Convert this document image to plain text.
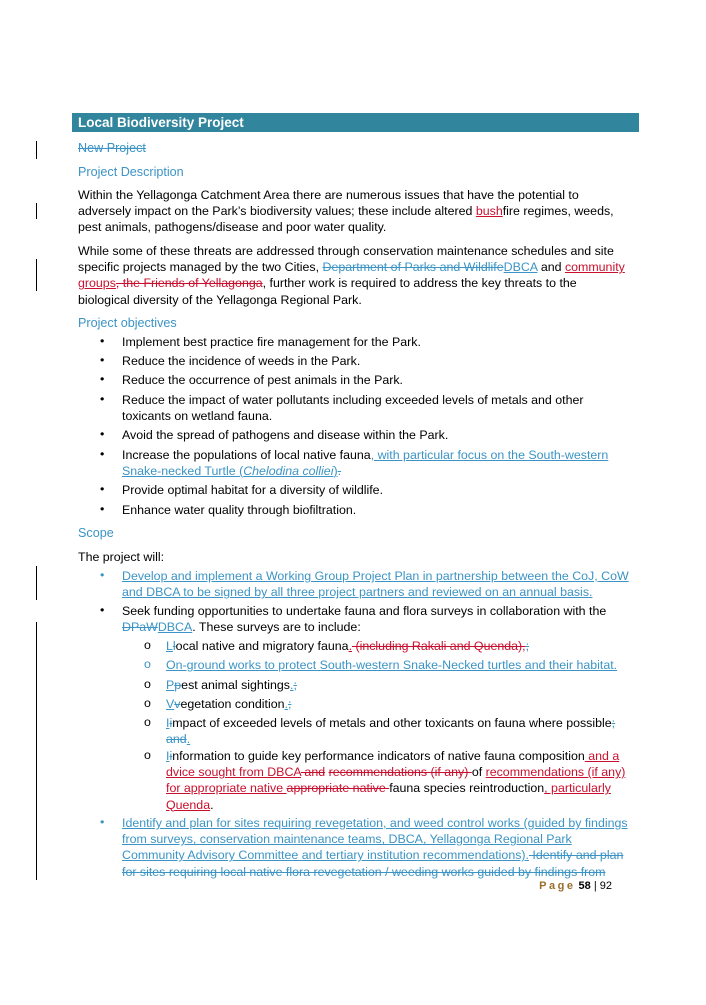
Local Biodiversity Project
New Project
Project Description
Within the Yellagonga Catchment Area there are numerous issues that have the potential to adversely impact on the Park’s biodiversity values; these include altered bushfire regimes, weeds, pest animals, pathogens/disease and poor water quality.
While some of these threats are addressed through conservation maintenance schedules and site specific projects managed by the two Cities, Department of Parks and WildlifeDBCA and community groups, the Friends of Yellagonga, further work is required to address the key threats to the biological diversity of the Yellagonga Regional Park.
Project objectives
• Implement best practice fire management for the Park.
• Reduce the incidence of weeds in the Park.
• Reduce the occurrence of pest animals in the Park.
• Reduce the impact of water pollutants including exceeded levels of metals and other toxicants on wetland fauna.
• Avoid the spread of pathogens and disease within the Park.
• Increase the populations of local native fauna, with particular focus on the South-western Snake-necked Turtle (Chelodina colliei).
• Provide optimal habitat for a diversity of wildlife.
• Enhance water quality through biofiltration.
Scope
The project will:
• Develop and implement a Working Group Project Plan in partnership between the CoJ, CoW and DBCA to be signed by all three project partners and reviewed on an annual basis.
• Seek funding opportunities to undertake fauna and flora surveys in collaboration with the DPaWDBCA. These surveys are to include:
o Llocal native and migratory fauna. (including Rakali and Quenda),;
o On-ground works to protect South-western Snake-Necked turtles and their habitat.
o Ppest animal sightings.;
o Vvegetation condition.;
o Iimpact of exceeded levels of metals and other toxicants on fauna where possible; and.
o Iinformation to guide key performance indicators of native fauna composition and a dvice sought from DBCA and recommendations (if any) of recommendations (if any) for appropriate native appropriate native fauna species reintroduction, particularly Quenda.
• Identify and plan for sites requiring revegetation, and weed control works (guided by findings from surveys, conservation maintenance teams, DBCA, Yellagonga Regional Park Community Advisory Committee and tertiary institution recommendations). Identify and plan for sites requiring local native flora revegetation / weeding works guided by findings from
Page 58 | 92
